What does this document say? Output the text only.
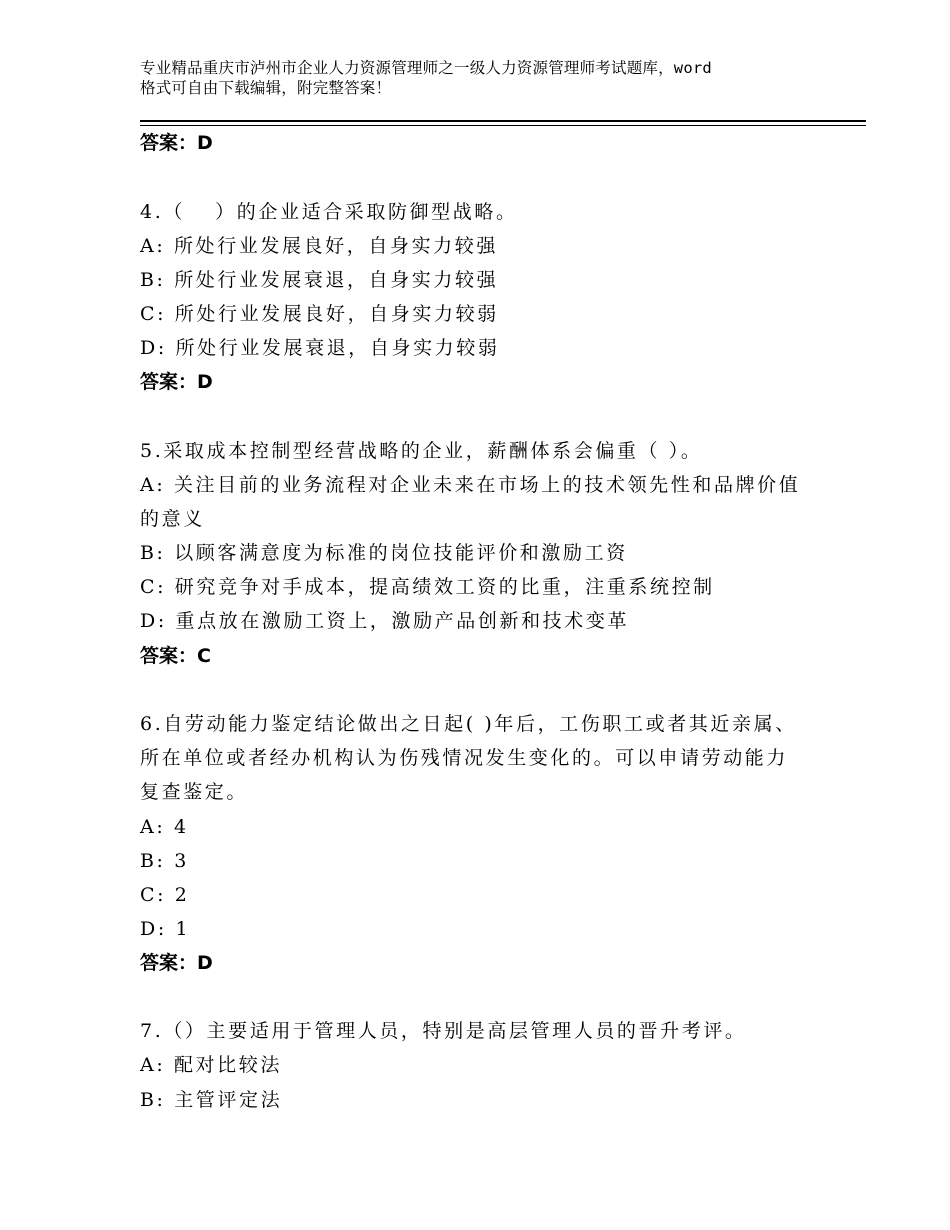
专业精品重庆市泸州市企业人力资源管理师之一级人力资源管理师考试题库，word
格式可自由下载编辑，附完整答案！
答案：D
4.（　 ）的企业适合采取防御型战略。
A: 所处行业发展良好，自身实力较强
B: 所处行业发展衰退，自身实力较强
C: 所处行业发展良好，自身实力较弱
D: 所处行业发展衰退，自身实力较弱
答案：D
5.采取成本控制型经营战略的企业，薪酬体系会偏重（ ）。
A: 关注目前的业务流程对企业未来在市场上的技术领先性和品牌价值
的意义
B: 以顾客满意度为标准的岗位技能评价和激励工资
C: 研究竞争对手成本，提高绩效工资的比重，注重系统控制
D: 重点放在激励工资上，激励产品创新和技术变革
答案：C
6.自劳动能力鉴定结论做出之日起( )年后，工伤职工或者其近亲属、
所在单位或者经办机构认为伤残情况发生变化的。可以申请劳动能力
复查鉴定。
A: 4
B: 3
C: 2
D: 1
答案：D
7.（）主要适用于管理人员，特别是高层管理人员的晋升考评。
A: 配对比较法
B: 主管评定法
